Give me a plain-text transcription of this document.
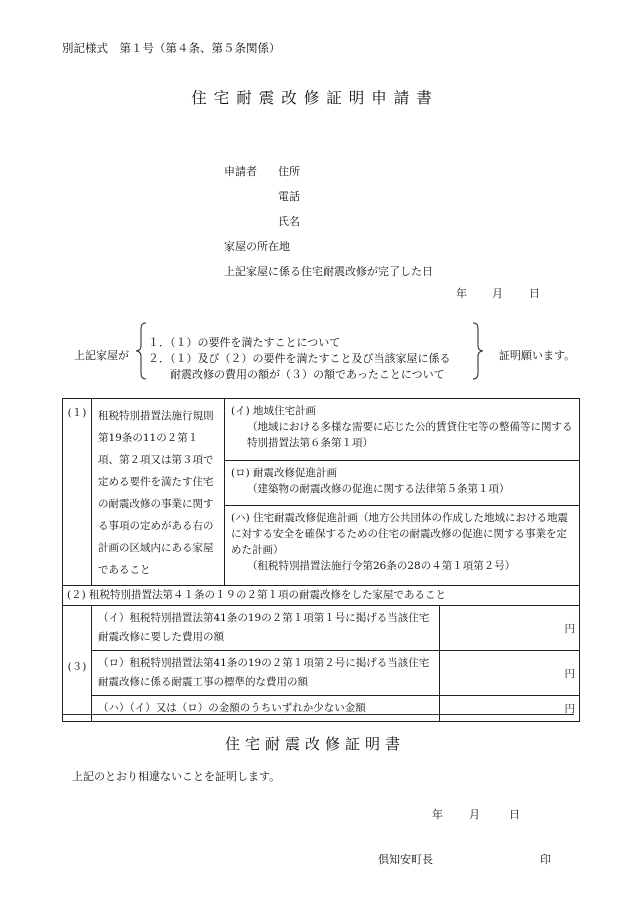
別記様式　第１号（第４条、第５条関係）
住宅耐震改修証明申請書
申請者 住所
電話
氏名
家屋の所在地
上記家屋に係る住宅耐震改修が完了した日
年 月 日
上記家屋が
１．（１）の要件を満たすことについて
２．（１）及び（２）の要件を満たすこと及び当該家屋に係る
耐震改修の費用の額が（３）の額であったことについて
証明願います。
(１)	租税特別措置法施行規則第19条の11の２第１項、第２項又は第３項で定める要件を満たす住宅の耐震改修の事業に関する事項の定めがある右の計画の区域内にある家屋であること	(イ) 地域住宅計画
（地域における多様な需要に応じた公的賃貸住宅等の整備等に関する特別措置法第６条第１項）	

		(ロ) 耐震改修促進計画
（建築物の耐震改修の促進に関する法律第５条第１項）	

		(ハ) 住宅耐震改修促進計画（地方公共団体の作成した地域における地震に対する安全を確保するための住宅の耐震改修の促進に関する事業を定めた計画）
（租税特別措置法施行令第26条の28の４第１項第２号）	

(２) 租税特別措置法第４１条の１９の２第１項の耐震改修をした家屋であること			
(３)	（イ）租税特別措置法第41条の19の２第１項第１号に掲げる当該住宅耐震改修に要した費用の額		円
	（ロ）租税特別措置法第41条の19の２第１項第２号に掲げる当該住宅耐震改修に係る耐震工事の標準的な費用の額		円
	（ハ）（イ）又は（ロ）の金額のうちいずれか少ない金額		円
住宅耐震改修証明書
上記のとおり相違ないことを証明します。
年 月	日
倶知安町長	印
